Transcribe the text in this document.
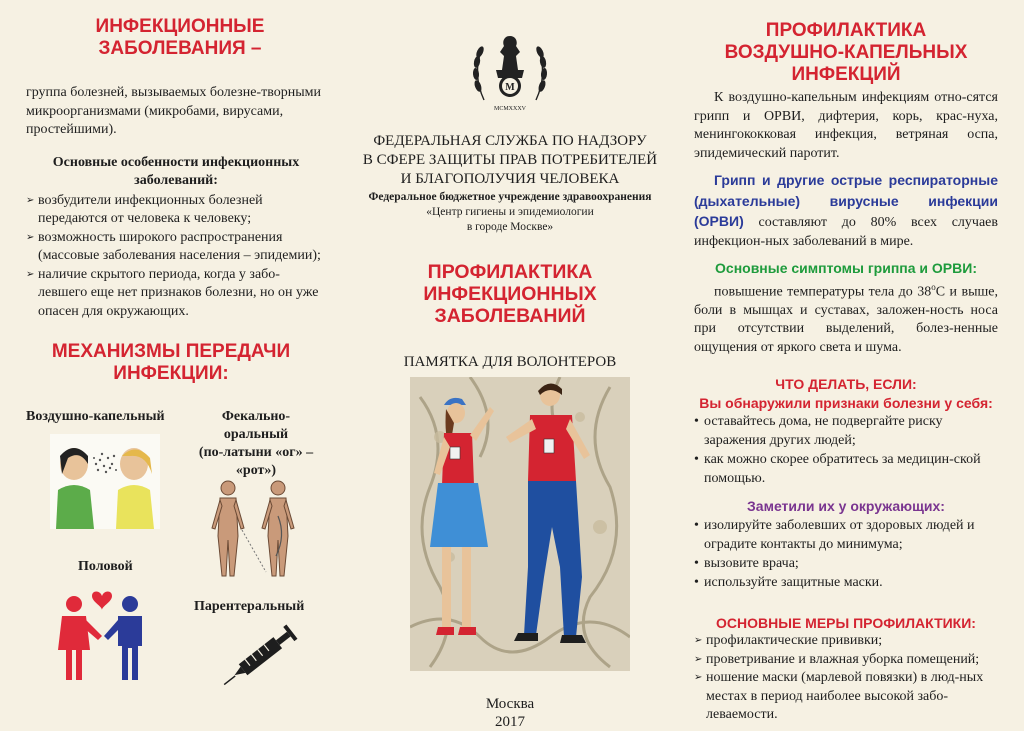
ИНФЕКЦИОННЫЕ
ЗАБОЛЕВАНИЯ –

группа болезней, вызываемых болезне-творными микроорганизмами (микробами, вирусами, простейшими).

Основные особенности инфекционных
заболеваний:

➢ возбудители инфекционных болезней передаются от человека к человеку;
➢ возможность широкого распространения (массовые заболевания населения – эпидемии);
➢ наличие скрытого периода, когда у забо-левшего еще нет признаков болезни, но он уже опасен для окружающих.
МЕХАНИЗМЫ ПЕРЕДАЧИ
ИНФЕКЦИИ:
Воздушно-капельный	Фекально-
оральный
(по-латыни «ог» –
«рот»)
Половой
Парентеральный
M
MCMXXXV

ФЕДЕРАЛЬНАЯ СЛУЖБА ПО НАДЗОРУ
В СФЕРЕ ЗАЩИТЫ ПРАВ ПОТРЕБИТЕЛЕЙ
И БЛАГОПОЛУЧИЯ ЧЕЛОВЕКА

Федеральное бюджетное учреждение здравоохранения
«Центр гигиены и эпидемиологии
в городе Москве»

ПРОФИЛАКТИКА
ИНФЕКЦИОННЫХ
ЗАБОЛЕВАНИЙ

ПАМЯТКА ДЛЯ ВОЛОНТЕРОВ

Москва

2017

ПРОФИЛАКТИКА
ВОЗДУШНО-КАПЕЛЬНЫХ
ИНФЕКЦИЙ

К воздушно-капельным инфекциям отно-сятся грипп и ОРВИ, дифтерия, корь, крас-нуха, менингококковая инфекция, ветряная оспа, эпидемический паротит.

Грипп и другие острые респираторные (дыхательные) вирусные инфекции (ОРВИ) составляют до 80% всех случаев инфекцион-ных заболеваний в мире.

Основные симптомы гриппа и ОРВИ:

повышение температуры тела до $38^оС$ и выше, боли в мышцах и суставах, заложен-ность носа при отсутствии выделений, болез-ненные ощущения от яркого света и шума.

ЧТО ДЕЛАТЬ, ЕСЛИ:

Вы обнаружили признаки болезни у себя:

• оставайтесь дома, не подвергайте риску заражения других людей;
• как можно скорее обратитесь за медицин-ской помощью.

Заметили их у окружающих:

• изолируйте заболевших от здоровых людей и оградите контакты до минимума;
• вызовите врача;
• используйте защитные маски.

ОСНОВНЫЕ МЕРЫ ПРОФИЛАКТИКИ:

➢ профилактические прививки;
➢ проветривание и влажная уборка помещений;
➢ ношение маски (марлевой повязки) в люд-ных местах в период наиболее высокой забо-леваемости.
